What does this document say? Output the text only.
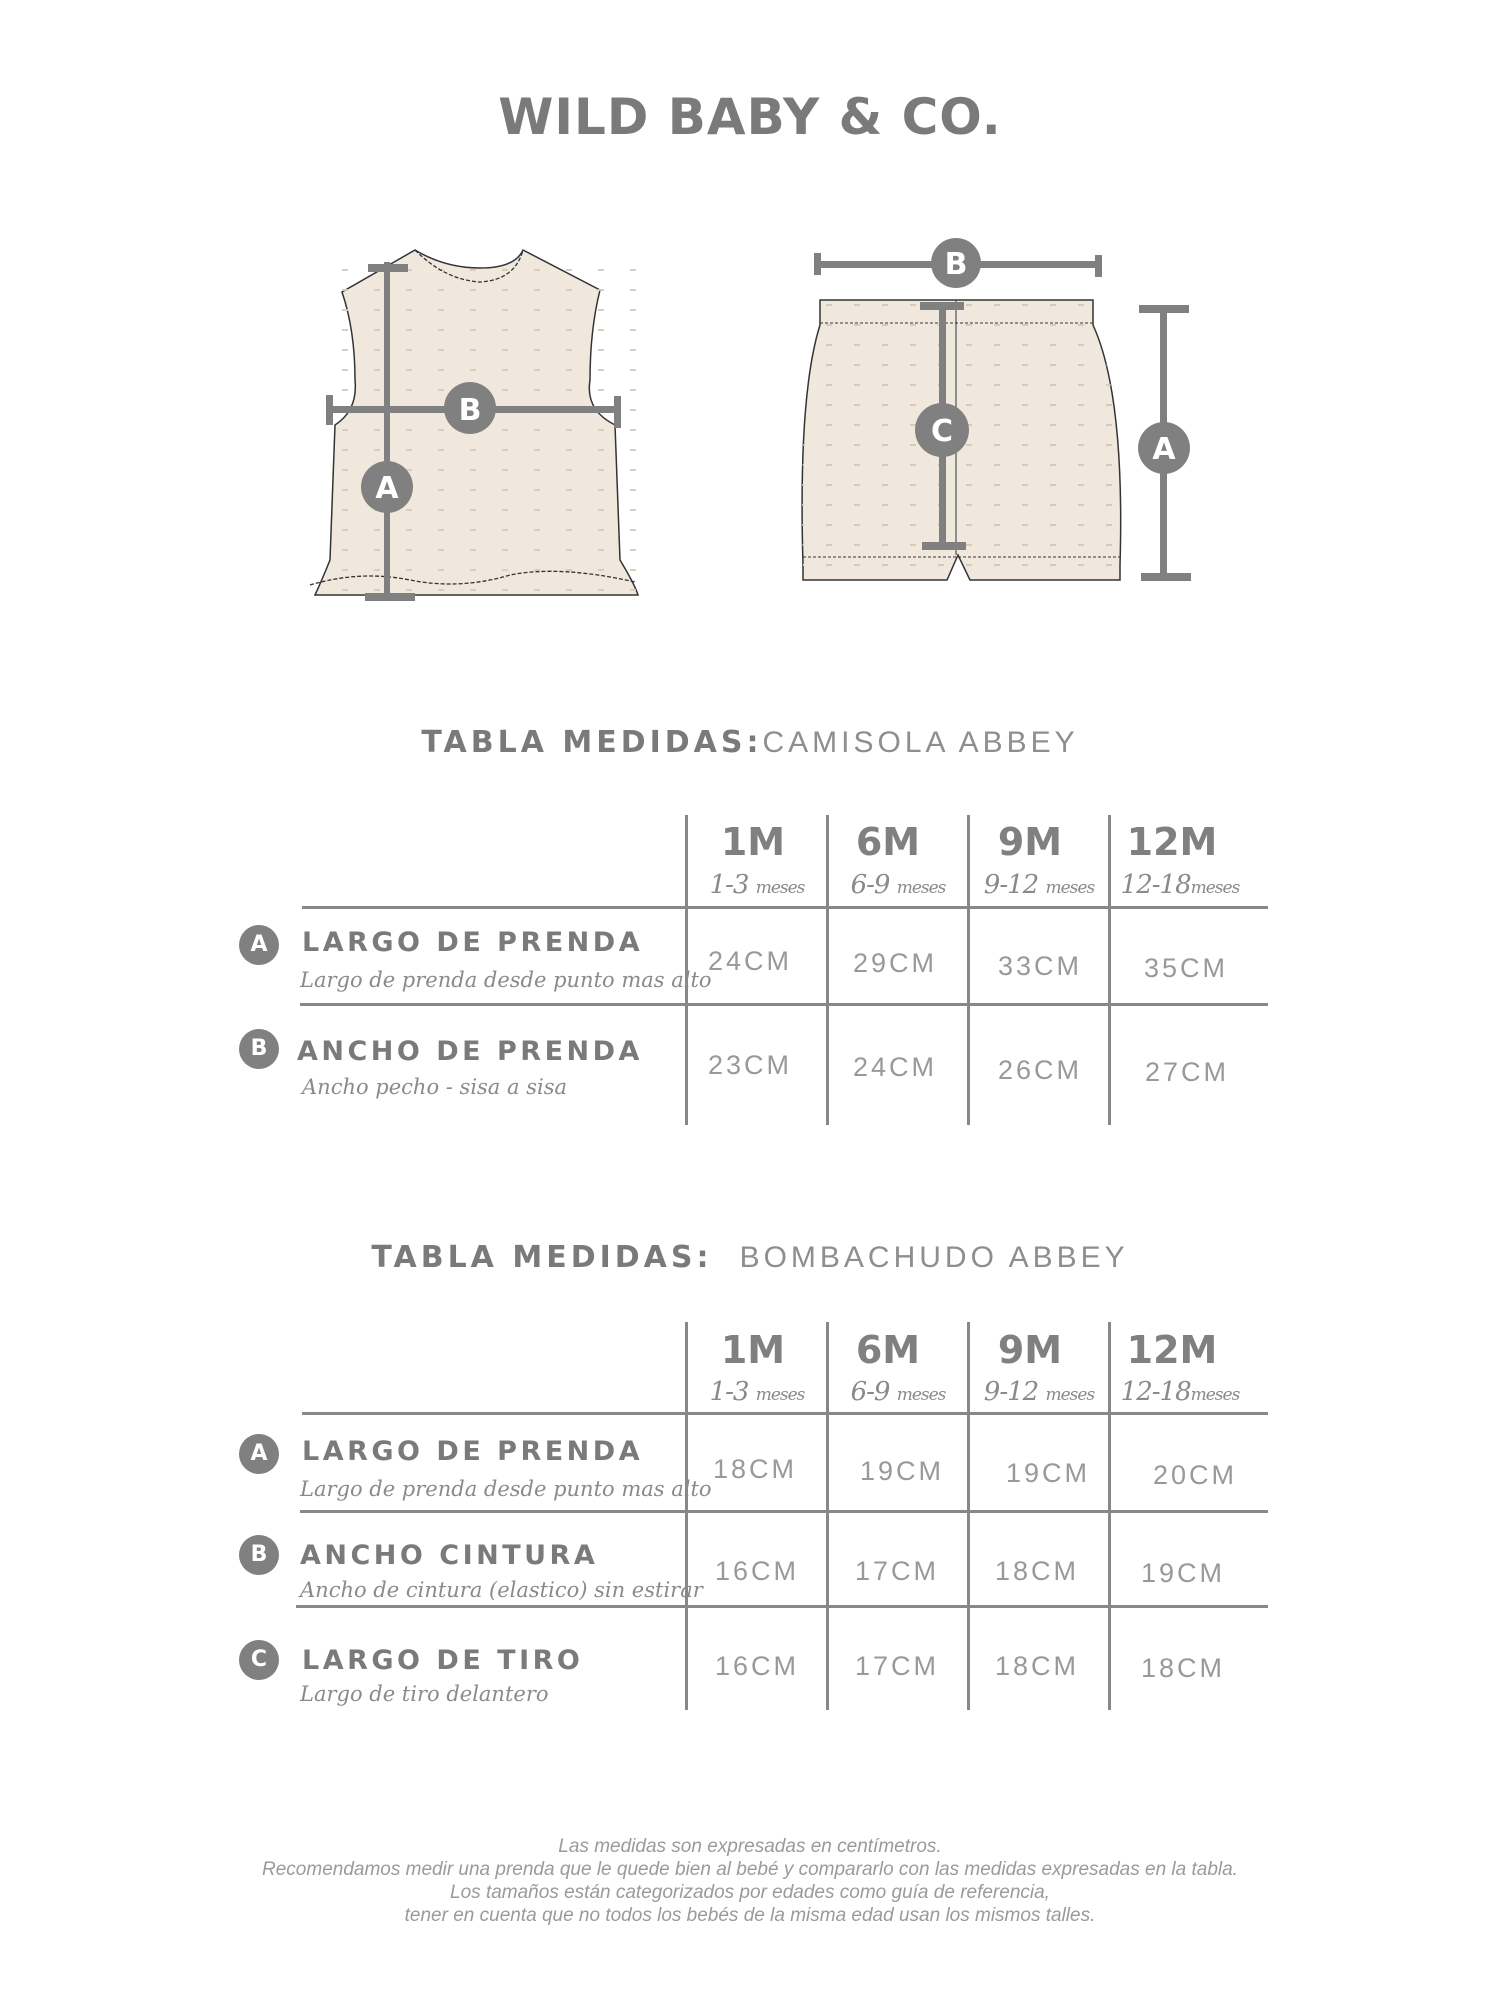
WILD BABY & CO.
A
B
B
C
A
TABLA MEDIDAS:CAMISOLA ABBEY
1M	6M	9M	12M
1-3 meses	6-9 meses	9-12 meses	12-18meses
A	LARGO DE PRENDA
Largo de prenda desde punto mas alto
24CM	29CM	33CM	35CM
B	ANCHO DE PRENDA
Ancho pecho - sisa a sisa
23CM	24CM	26CM	27CM
TABLA MEDIDAS: BOMBACHUDO ABBEY
1M	6M	9M	12M
1-3 meses	6-9 meses	9-12 meses	12-18meses
A	LARGO DE PRENDA
Largo de prenda desde punto mas alto
18CM	19CM	19CM	20CM
B	ANCHO CINTURA
Ancho de cintura (elastico) sin estirar
16CM	17CM	18CM	19CM
C	LARGO DE TIRO
Largo de tiro delantero
16CM	17CM	18CM	18CM
Las medidas son expresadas en centímetros.
Recomendamos medir una prenda que le quede bien al bebé y compararlo con las medidas expresadas en la tabla.
Los tamaños están categorizados por edades como guía de referencia,
tener en cuenta que no todos los bebés de la misma edad usan los mismos talles.
